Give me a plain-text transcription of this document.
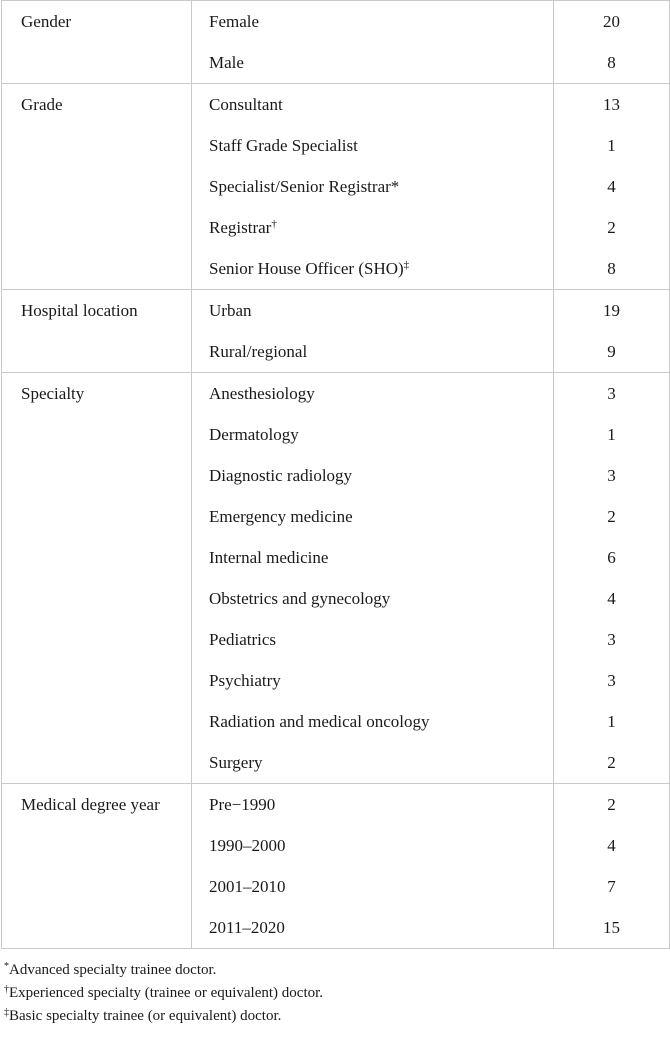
Gender	Female	20
	Male	8
Grade	Consultant	13
	Staff Grade Specialist	1
	Specialist/Senior Registrar*	4
	Registrar†	2
	Senior House Officer (SHO)‡	8
Hospital location	Urban	19
	Rural/regional	9
Specialty	Anesthesiology	3
	Dermatology	1
	Diagnostic radiology	3
	Emergency medicine	2
	Internal medicine	6
	Obstetrics and gynecology	4
	Pediatrics	3
	Psychiatry	3
	Radiation and medical oncology	1
	Surgery	2
Medical degree year	Pre−1990	2
	1990–2000	4
	2001–2010	7
	2011–2020	15
*Advanced specialty trainee doctor.
†Experienced specialty (trainee or equivalent) doctor.
‡Basic specialty trainee (or equivalent) doctor.
